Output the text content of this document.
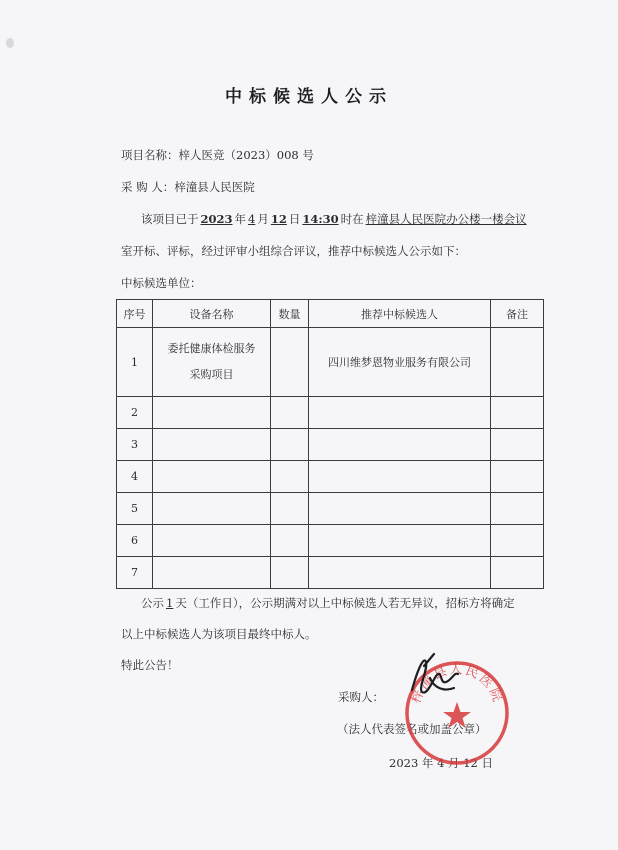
中标候选人公示
项目名称：梓人医竞（2023）008 号
采 购 人：梓潼县人民医院
该项目已于 2023 年 4 月 12 日 14:30 时在 梓潼县人民医院办公楼一楼会议
室开标、评标，经过评审小组综合评议，推荐中标候选人公示如下：
中标候选单位：
序号	设备名称	数量	推荐中标候选人	备注
1	委托健康体检服务
采购项目		四川维梦恩物业服务有限公司	
2				
3				
4				
5				
6				
7				
公示 1 天（工作日），公示期满对以上中标候选人若无异议，招标方将确定
以上中标候选人为该项目最终中标人。
特此公告！
采购人：
（法人代表签名或加盖公章）
2023 年 4 月 12 日
梓潼县人民医院
